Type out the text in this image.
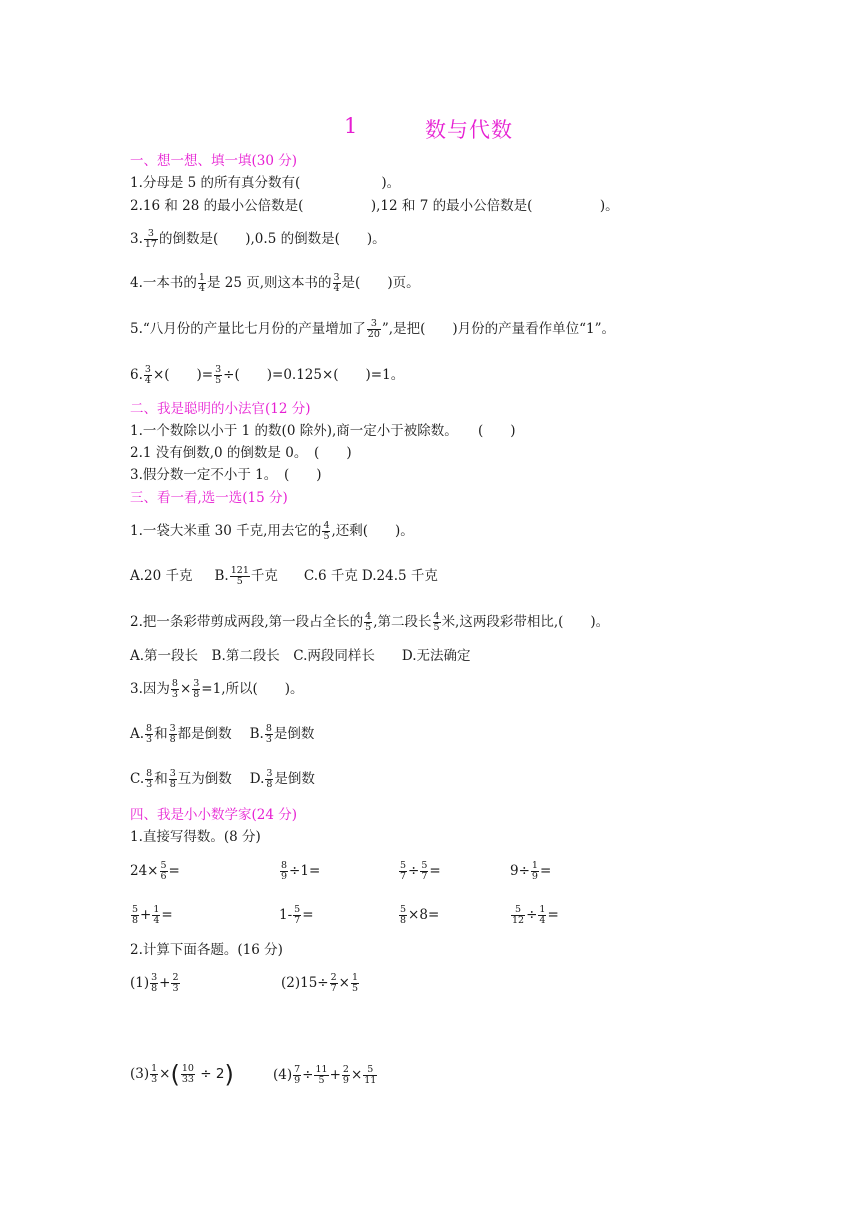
1	数与代数
一、想一想、填一填(30 分)
1.分母是 5 的所有真分数有(　　　　　　)。
2.16 和 28 的最小公倍数是(　　　　　),12 和 7 的最小公倍数是(　　　　　)。
3. $\frac{3}{17}$ 的倒数是(　　),0.5 的倒数是(　　)。
4.一本书的 $\frac{1}{4}$ 是 25 页,则这本书的 $\frac{3}{4}$ 是(　　)页。
5.“八月份的产量比七月份的产量增加了 $\frac{3}{20}$ ”,是把(　　)月份的产量看作单位“1”。
6. $\frac{3}{4}$ ×(　　)= $\frac{3}{5}$ ÷(　　)=0.125×(　　)=1。
二、我是聪明的小法官(12 分)
1.一个数除以小于 1 的数(0 除外),商一定小于被除数。　　(　　)
2.1 没有倒数,0 的倒数是 0。　(　　)
3.假分数一定不小于 1。　(　　)
三、看一看,选一选(15 分)
1.一袋大米重 30 千克,用去它的 $\frac{4}{5}$ ,还剩(　　)。
A.20 千克 B. $\frac{121}{5}$ 千克 C.6 千克 D.24.5 千克
2.把一条彩带剪成两段,第一段占全长的 $\frac{4}{5}$ ,第二段长 $\frac{4}{5}$ 米,这两段彩带相比,(　　)。
A.第一段长　B.第二段长　C.两段同样长　　D.无法确定
3.因为 $\frac{8}{3} \times \frac{3}{8} =1$,所以(　　)。
A. $\frac{8}{3}$ 和 $\frac{3}{8}$ 都是倒数 B. $\frac{8}{3}$ 是倒数
C. $\frac{8}{3}$ 和 $\frac{3}{8}$ 互为倒数 D. $\frac{3}{8}$ 是倒数
四、我是小小数学家(24 分)
1.直接写得数。(8 分)
$24\times \frac{5}{6}$ =	$\frac{8}{9} \div 1=$	$\frac{5}{7} \div \frac{5}{7}$ =	$9\div \frac{1}{9}$ =
$\frac{5}{8} + \frac{1}{4}$ =	$1- \frac{5}{7}$ =	$\frac{5}{8} \times 8=$	$\frac{5}{12} \div \frac{1}{4}$ =
2.计算下面各题。(16 分)
$(1) \frac{3}{8} + \frac{2}{3}$	$(2)15\div \frac{2}{7} \times \frac{1}{5}$
$(3) \frac{1}{3}$ ×( $\frac{10}{33} \div 2$)	$(4) \frac{7}{9} \div \frac{11}{5} + \frac{2}{9} \times \frac{5}{11}$
